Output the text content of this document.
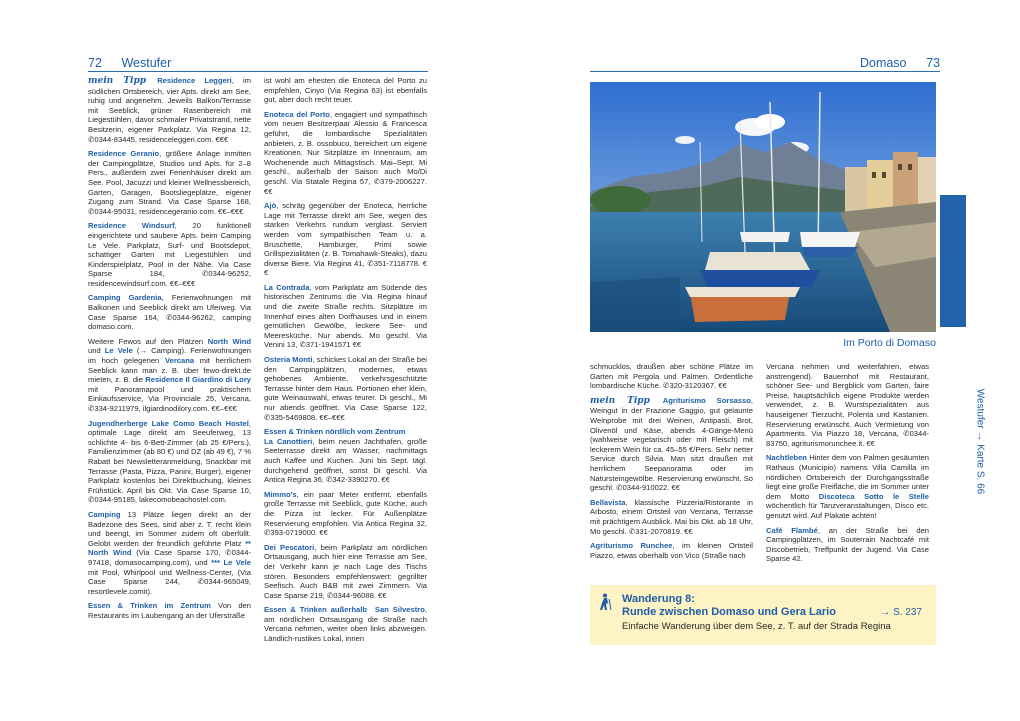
72 Westufer

mein Tipp Residence Leggeri, im südlichen Ortsbereich, vier Apts. direkt am See, ruhig und angenehm. Jeweils Balkon/Terrasse mit Seeblick, grüner Rasenbereich mit Liegestühlen, davor schmaler Privatstrand, nette Besitzerin, eigener Parkplatz. Via Regina 12, ✆0344-83445, residenceleggeri.com. €€€

Residence Geranio, größere Anlage inmitten der Campingplätze, Studios und Apts. für 2–8 Pers., außerdem zwei Ferienhäuser direkt am See. Pool, Jacuzzi und kleiner Wellnessbereich, Garten, Garagen, Bootsliegeplätze, eigener Zugang zum Strand. Via Case Sparse 168, ✆0344-95031, residencegeranio.com. €€–€€€

Residence Windsurf, 20 funktionell eingerichtete und saubere Apts. beim Camping Le Vele. Parkplatz, Surf- und Bootsdepot, schattiger Garten mit Liegestühlen und Kinderspielplatz, Pool in der Nähe. Via Case Sparse 184, ✆0344-96252, residencewindsurf.com. €€–€€€

Camping Gardenia, Ferienwohnungen mit Balkonen und Seeblick direkt am Uferweg. Via Case Sparse 164, ✆0344-96262, camping domaso.com.

Weitere Fewos auf den Plätzen North Wind und Le Vele (→ Camping). Ferienwohnungen im hoch gelegenen Vercana mit herrlichem Seeblick kann man z. B. über fewo-direkt.de mieten, z. B. die Residence Il Giardino di Lory mit Panoramapool und praktischem Einkaufsservice, Via Provinciale 25, Vercana, ✆334-9211979, ilgiardinodilory.com. €€–€€€

Jugendherberge Lake Como Beach Hostel, optimale Lage direkt am Seeuferweg, 13 schlichte 4- bis 6-Bett-Zimmer (ab 25 €/Pers.), Familienzimmer (ab 80 €) und DZ (ab 49 €), 7 % Rabatt bei Newsletteranmeldung, Snackbar mit Terrasse (Pasta, Pizza, Panini, Burger), eigener Parkplatz kostenlos bei Direktbuchung, kleines Frühstück. April bis Okt. Via Case Sparse 10, ✆0344-95185, lakecomobeachostel.com.

Camping 13 Plätze liegen direkt an der Badezone des Sees, sind aber z. T. recht klein und beengt, im Sommer zudem oft überfüllt. Gelobt werden der freundlich geführte Platz ** North Wind (Via Case Sparse 170, ✆0344-97418, domasocamping.com), und *** Le Vele mit Pool, Whirlpool und Wellness-Center, (Via Case Sparse 244, ✆0344-965049, resortlevele.comit).

Essen & Trinken im Zentrum Von den Restaurants im Laubengang an der Uferstraße

ist wohl am ehesten die Enoteca del Porto zu empfehlen, Cinyo (Via Regina 63) ist ebenfalls gut, aber doch recht teuer.

Enoteca del Porto, engagiert und sympathisch vom neuen Besitzerpaar Alessio & Francesca geführt, die lombardische Spezialitäten anbieten, z. B. ossobuco, bereichert um eigene Kreationen. Nur Sitzplätze im Innenraum, am Wochenende auch Mittagstisch. Mai–Sept. Mi geschl., außerhalb der Saison auch Mo/Di geschl. Via Statale Regina 57, ✆379-2006227. €€

Ajò, schräg gegenüber der Enoteca, herrliche Lage mit Terrasse direkt am See, wegen des starken Verkehrs rundum verglast. Serviert werden vom sympathischen Team u. a. Bruschette, Hamburger, Primi sowie Grillspezialitäten (z. B. Tomahawk-Steaks), dazu diverse Biere. Via Regina 41, ✆351-7118778. €€

La Contrada, vom Parkplatz am Südende des historischen Zentrums die Via Regina hinauf und die zweite Straße rechts. Sitzplätze im Innenhof eines alten Dorfhauses und in einem gemütlichen Gewölbe, leckere See- und Meeresküche. Nur abends. Mo geschl. Via Venini 13, ✆371-1941571 €€

Osteria Monti, schickes Lokal an der Straße bei den Campingplätzen, modernes, etwas gehobenes Ambiente, verkehrsgeschützte Terrasse hinter dem Haus. Portionen eher klein, gute Weinauswahl, etwas teurer. Di geschl., Mi nur abends geöffnet. Via Case Sparse 122, ✆335-5469808. €€–€€€

Essen & Trinken nördlich vom Zentrum
La Canottieri, beim neuen Jachthafen, große Seeterrasse direkt am Wasser, nachmittags auch Kaffee und Kuchen. Juni bis Sept. tägl. durchgehend geöffnet, sonst Di geschl. Via Antica Regina 36, ✆342-3390270. €€

Mimmo's, ein paar Meter entfernt, ebenfalls große Terrasse mit Seeblick, gute Küche, auch die Pizza ist lecker. Für Außenplätze Reservierung empfohlen. Via Antica Regina 32, ✆393-0719000. €€

Dei Pescatori, beim Parkplatz am nördlichen Ortsausgang, auch hier eine Terrasse am See, der Verkehr kann je nach Lage des Tischs stören. Besonders empfehlenswert: gegrillter Seefisch. Auch B&B mit zwei Zimmern. Via Case Sparse 219, ✆0344-96088. €€

Essen & Trinken außerhalb San Silvestro, am nördlichen Ortsausgang die Straße nach Vercana nehmen, weiter oben links abzweigen. Ländlich-rustikes Lokal, innen

Domaso 73
Im Porto di Domaso
Westufer → Karte S. 66

schmucklos, draußen aber schöne Plätze im Garten mit Pergola und Palmen. Ordentliche lombardische Küche. ✆320-3120367. €€

mein Tipp Agriturismo Sorsasso, Weingut in der Frazione Gaggio, gut gelaunte Weinprobe mit drei Weinen, Antipasti, Brot, Olivenöl und Käse, abends 4-Gänge-Menü (wahlweise vegetarisch oder mit Fleisch) mit leckerem Wein für ca. 45–55 €/Pers. Sehr netter Service durch Silvia. Man sitzt draußen mit herrlichem Seepanorama oder im Natursteingewölbe. Reservierung erwünscht. So geschl. ✆0344-910022. €€

Bellavista, klassische Pizzeria/Ristorante in Arbosto, einem Ortsteil von Vercana, Terrasse mit prächtigem Ausblick. Mai bis Okt. ab 18 Uhr, Mo geschl. ✆331-2070819. €€

Agriturismo Runchee, im kleinen Ortsteil Piazzo, etwas oberhalb von Vico (Straße nach

Vercana nehmen und weiterfahren, etwas anstrengend). Bauernhof mit Restaurant, schöner See- und Bergblick vom Garten, faire Preise, hauptsächlich eigene Produkte werden verwendet, z. B. Wurstspezialitäten aus hauseigener Tierzucht, Polenta und Kastanien. Reservierung erwünscht. Auch Vermietung von Apartments. Via Piazzo 18, Vercana, ✆0344-83750, agriturismorunchee.it. €€

Nachtleben Hinter dem von Palmen gesäumten Rathaus (Municipio) namens Villa Camilla im nördlichen Ortsbereich der Durchgangsstraße liegt eine große Freifläche, die im Sommer unter dem Motto Discoteca Sotto le Stelle wöchentlich für Tanzveranstaltungen, Disco etc. genutzt wird. Auf Plakate achten!

Café Flambé, an der Straße bei den Campingplätzen, im Souterrain Nachtcafé mit Discobetrieb, Treffpunkt der Jugend. Via Case Sparse 42.

Wanderung 8:
Runde zwischen Domaso und Gera Lario	→ S. 237
Einfache Wanderung über dem See, z. T. auf der Strada Regina
